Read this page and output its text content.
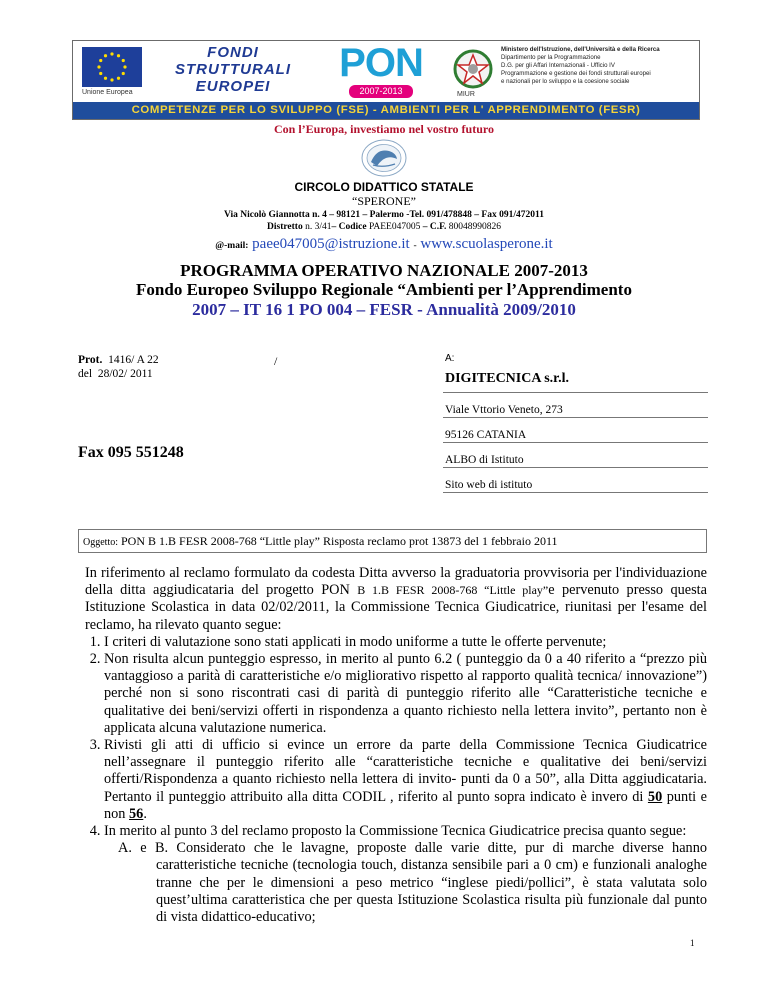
Unione Europea
FONDI
STRUTTURALI
EUROPEI
PON
2007-2013	MIUR
Ministero dell'Istruzione, dell'Università e della Ricerca
Dipartimento per la Programmazione
D.G. per gli Affari Internazionali - Ufficio IV
Programmazione e gestione dei fondi strutturali europei
e nazionali per lo sviluppo e la coesione sociale
COMPETENZE PER LO SVILUPPO (FSE) - AMBIENTI PER L' APPRENDIMENTO (FESR)
Con l’Europa, investiamo nel vostro futuro
CIRCOLO DIDATTICO STATALE
“SPERONE”
Via Nicolò Giannotta n. 4 – 98121 – Palermo -Tel. 091/478848 – Fax 091/472011
Distretto n. 3/41– Codice PAEE047005 – C.F. 80048990826
@-mail: paee047005@istruzione.it - www.scuolasperone.it
PROGRAMMA OPERATIVO NAZIONALE 2007-2013
Fondo Europeo Sviluppo Regionale “Ambienti per l’Apprendimento
2007 – IT 16 1 PO 004 – FESR - Annualità 2009/2010
Prot. 1416/ A 22
del 28/02/ 2011
/
Fax 095 551248
A:
DIGITECNICA s.r.l.
Viale Vttorio Veneto, 273
95126 CATANIA
ALBO di Istituto
Sito web di istituto
Oggetto: PON B 1.B FESR 2008-768 “Little play” Risposta reclamo prot 13873 del 1 febbraio 2011

In riferimento al reclamo formulato da codesta Ditta avverso la graduatoria provvisoria per l'individuazione della ditta aggiudicataria del progetto PON B 1.B FESR 2008-768 “Little play”e pervenuto presso questa Istituzione Scolastica in data 02/02/2011, la Commissione Tecnica Giudicatrice, riunitasi per l'esame del reclamo, ha rilevato quanto segue:

1. I criteri di valutazione sono stati applicati in modo uniforme a tutte le offerte pervenute;
2. Non risulta alcun punteggio espresso, in merito al punto 6.2 ( punteggio da 0 a 40 riferito a “prezzo più vantaggioso a parità di caratteristiche e/o migliorativo rispetto al rapporto qualità tecnica/ innovazione”) perché non si sono riscontrati casi di parità di punteggio riferito alle “Caratteristiche tecniche e qualitative dei beni/servizi offerti in rispondenza a quanto richiesto nella lettera invito”, pertanto non è applicata alcuna valutazione numerica.
3. Rivisti gli atti di ufficio si evince un errore da parte della Commissione Tecnica Giudicatrice nell’assegnare il punteggio riferito alle “caratteristiche tecniche e qualitative dei beni/servizi offerti/Rispondenza a quanto richiesto nella lettera di invito- punti da 0 a 50”, alla Ditta aggiudicataria. Pertanto il punteggio attribuito alla ditta CODIL , riferito al punto sopra indicato è invero di 50 punti e non 56.
4. In merito al punto 3 del reclamo proposto la Commissione Tecnica Giudicatrice precisa quanto segue:
A. e B. Considerato che le lavagne, proposte dalle varie ditte, pur di marche diverse hanno caratteristiche tecniche (tecnologia touch, distanza sensibile pari a 0 cm) e funzionali analoghe tranne che per le dimensioni a peso metrico “inglese piedi/pollici”, è stata valutata solo quest’ultima caratteristica che per questa Istituzione Scolastica risulta più funzionale dal punto di vista didattico-educativo;
1
